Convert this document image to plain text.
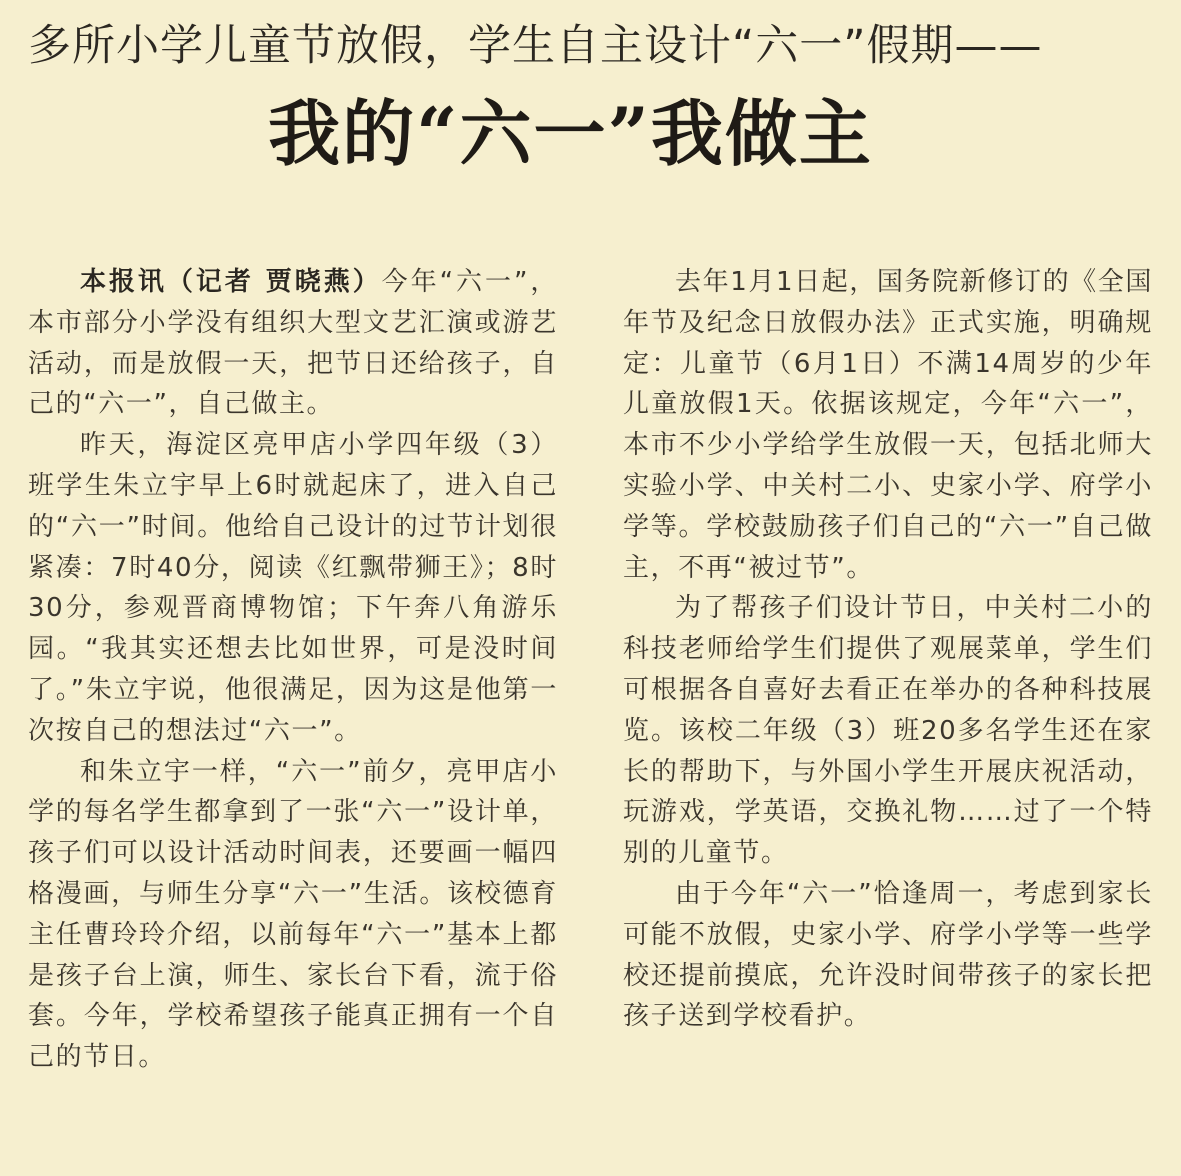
多所小学儿童节放假，学生自主设计“六一”假期——
我的“六一”我做主

本报讯（记者 贾晓燕）今年“六一”，本市部分小学没有组织大型文艺汇演或游艺活动，而是放假一天，把节日还给孩子，自己的“六一”，自己做主。

昨天，海淀区亮甲店小学四年级（3）班学生朱立宇早上6时就起床了，进入自己的“六一”时间。他给自己设计的过节计划很紧凑：7时40分，阅读《红飘带狮王》；8时30分，参观晋商博物馆；下午奔八角游乐园。“我其实还想去比如世界，可是没时间了。”朱立宇说，他很满足，因为这是他第一次按自己的想法过“六一”。

和朱立宇一样，“六一”前夕，亮甲店小学的每名学生都拿到了一张“六一”设计单，孩子们可以设计活动时间表，还要画一幅四格漫画，与师生分享“六一”生活。该校德育主任曹玲玲介绍，以前每年“六一”基本上都是孩子台上演，师生、家长台下看，流于俗套。今年，学校希望孩子能真正拥有一个自己的节日。

去年1月1日起，国务院新修订的《全国年节及纪念日放假办法》正式实施，明确规定：儿童节（6月1日）不满14周岁的少年儿童放假1天。依据该规定，今年“六一”，本市不少小学给学生放假一天，包括北师大实验小学、中关村二小、史家小学、府学小学等。学校鼓励孩子们自己的“六一”自己做主，不再“被过节”。

为了帮孩子们设计节日，中关村二小的科技老师给学生们提供了观展菜单，学生们可根据各自喜好去看正在举办的各种科技展览。该校二年级（3）班20多名学生还在家长的帮助下，与外国小学生开展庆祝活动，玩游戏，学英语，交换礼物……过了一个特别的儿童节。

由于今年“六一”恰逢周一，考虑到家长可能不放假，史家小学、府学小学等一些学校还提前摸底，允许没时间带孩子的家长把孩子送到学校看护。
